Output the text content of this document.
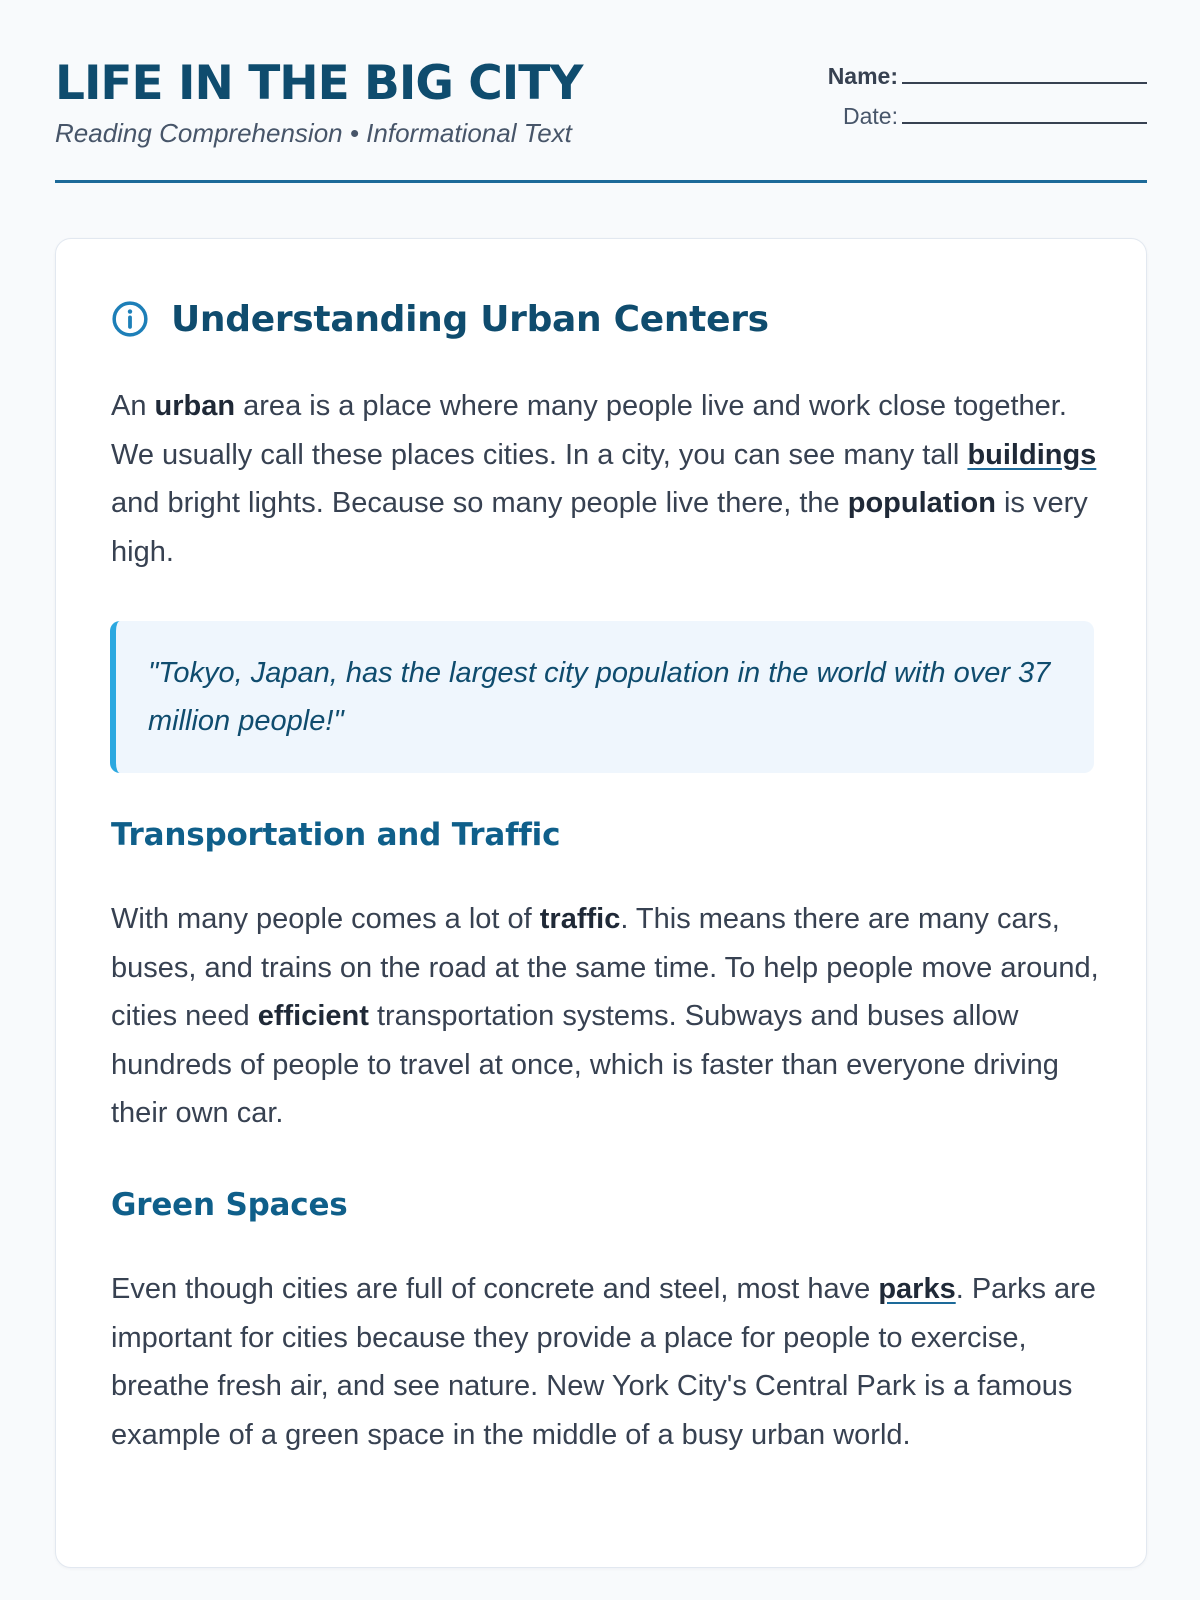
LIFE IN THE BIG CITY
Reading Comprehension • Informational Text
Name:
Date:
Understanding Urban Centers

An urban area is a place where many people live and work close together. We usually call these places cities. In a city, you can see many tall buildings and bright lights. Because so many people live there, the population is very high.

"Tokyo, Japan, has the largest city population in the world with over 37 million people!"
Transportation and Traffic

With many people comes a lot of traffic. This means there are many cars, buses, and trains on the road at the same time. To help people move around, cities need efficient transportation systems. Subways and buses allow hundreds of people to travel at once, which is faster than everyone driving their own car.

Green Spaces

Even though cities are full of concrete and steel, most have parks. Parks are important for cities because they provide a place for people to exercise, breathe fresh air, and see nature. New York City's Central Park is a famous example of a green space in the middle of a busy urban world.
